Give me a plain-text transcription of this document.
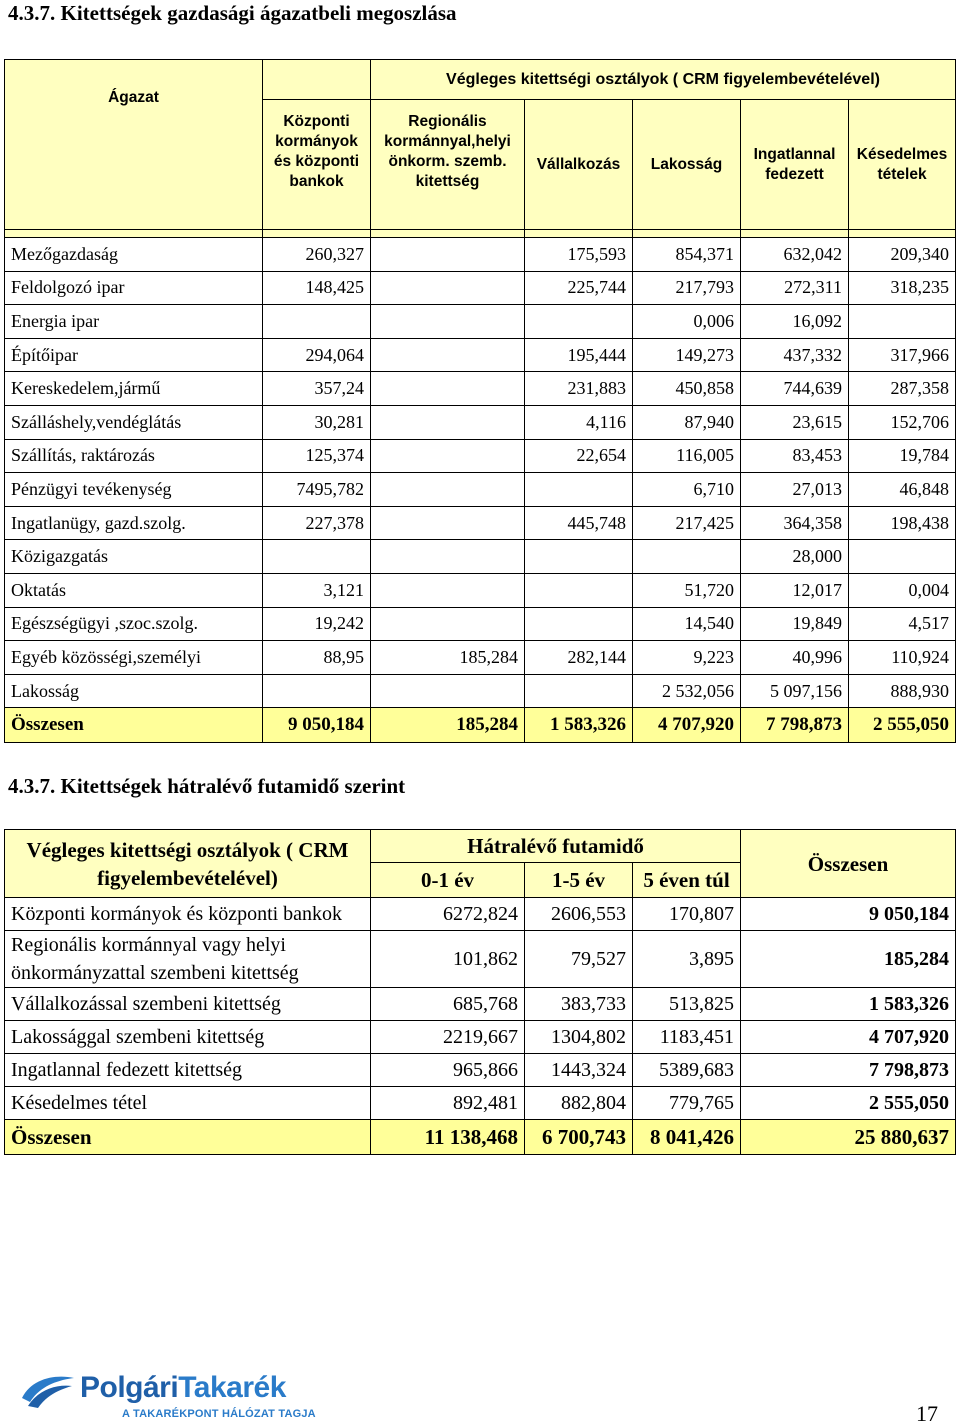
4.3.7. Kitettségek gazdasági ágazatbeli megoszlása
Ágazat		Végleges kitettségi osztályok ( CRM figyelembevételével)				
	Központi kormányok és központi bankok	Regionális kormánnyal,helyi önkorm. szemb. kitettség	Vállalkozás	Lakosság	Ingatlannal fedezett	Késedelmes tételek

Mezőgazdaság	260,327		175,593	854,371	632,042	209,340
Feldolgozó ipar	148,425		225,744	217,793	272,311	318,235
Energia ipar				0,006	16,092	
Építőipar	294,064		195,444	149,273	437,332	317,966
Kereskedelem,jármű	357,24		231,883	450,858	744,639	287,358
Szálláshely,vendéglátás	30,281		4,116	87,940	23,615	152,706
Szállítás, raktározás	125,374		22,654	116,005	83,453	19,784
Pénzügyi tevékenység	7495,782			6,710	27,013	46,848
Ingatlanügy, gazd.szolg.	227,378		445,748	217,425	364,358	198,438
Közigazgatás					28,000	
Oktatás	3,121			51,720	12,017	0,004
Egészségügyi ,szoc.szolg.	19,242			14,540	19,849	4,517
Egyéb közösségi,személyi	88,95	185,284	282,144	9,223	40,996	110,924
Lakosság				2 532,056	5 097,156	888,930
Összesen	9 050,184	185,284	1 583,326	4 707,920	7 798,873	2 555,050
4.3.7. Kitettségek hátralévő futamidő szerint
Végleges kitettségi osztályok ( CRM figyelembevételével)	Hátralévő futamidő			Összesen
	0-1 év	1-5 év	5 éven túl	
Központi kormányok és központi bankok	6272,824	2606,553	170,807	9 050,184
Regionális kormánnyal vagy helyi önkormányzattal szembeni kitettség	101,862	79,527	3,895	185,284
Vállalkozással szembeni kitettség	685,768	383,733	513,825	1 583,326
Lakossággal szembeni kitettség	2219,667	1304,802	1183,451	4 707,920
Ingatlannal fedezett kitettség	965,866	1443,324	5389,683	7 798,873
Késedelmes tétel	892,481	882,804	779,765	2 555,050
Összesen	11 138,468	6 700,743	8 041,426	25 880,637
PolgáriTakarék
A TAKARÉKPONT HÁLÓZAT TAGJA	17
